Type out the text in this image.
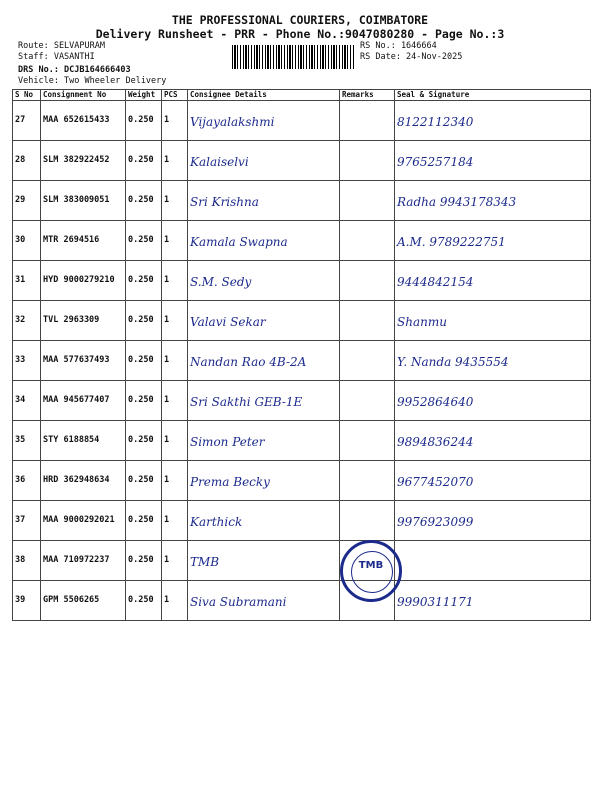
THE PROFESSIONAL COURIERS, COIMBATORE
Delivery Runsheet - PRR - Phone No.:9047080280 - Page No.:3
Route: SELVAPURAM
Staff: VASANTHI
DRS No.: DCJB164666403
Vehicle: Two Wheeler Delivery
RS No.: 1646664
RS Date: 24-Nov-2025
S No	Consignment No	Weight	PCS	Consignee Details	Remarks	Seal & Signature
27	MAA 652615433	0.250	1	Vijayalakshmi		8122112340
28	SLM 382922452	0.250	1	Kalaiselvi		9765257184
29	SLM 383009051	0.250	1	Sri Krishna		Radha 9943178343
30	MTR 2694516	0.250	1	Kamala Swapna		A.M. 9789222751
31	HYD 9000279210	0.250	1	S.M. Sedy		9444842154
32	TVL 2963309	0.250	1	Valavi Sekar		Shanmu
33	MAA 577637493	0.250	1	Nandan Rao 4B-2A		Y. Nanda 9435554
34	MAA 945677407	0.250	1	Sri Sakthi GEB-1E		9952864640
35	STY 6188854	0.250	1	Simon Peter		9894836244
36	HRD 362948634	0.250	1	Prema Becky		9677452070
37	MAA 9000292021	0.250	1	Karthick		9976923099
38	MAA 710972237	0.250	1	TMB		
39	GPM 5506265	0.250	1	Siva Subramani		9990311171
TMB
